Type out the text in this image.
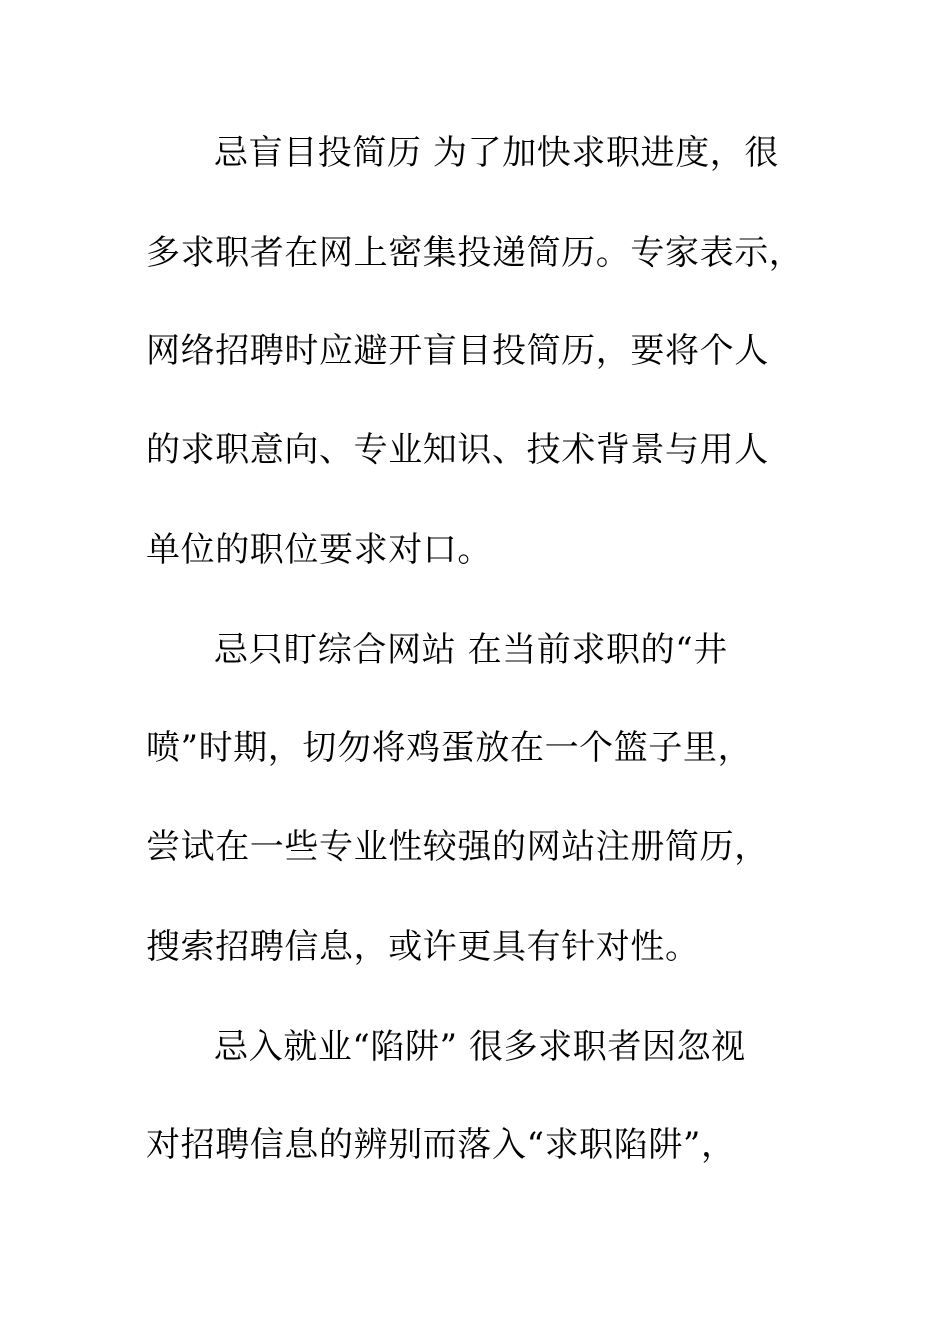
忌盲目投简历 为了加快求职进度，很
多求职者在网上密集投递简历。专家表示，
网络招聘时应避开盲目投简历，要将个人
的求职意向、专业知识、技术背景与用人
单位的职位要求对口。
忌只盯综合网站 在当前求职的“井
喷”时期，切勿将鸡蛋放在一个篮子里，
尝试在一些专业性较强的网站注册简历，
搜索招聘信息，或许更具有针对性。
忌入就业“陷阱” 很多求职者因忽视
对招聘信息的辨别而落入“求职陷阱”，
